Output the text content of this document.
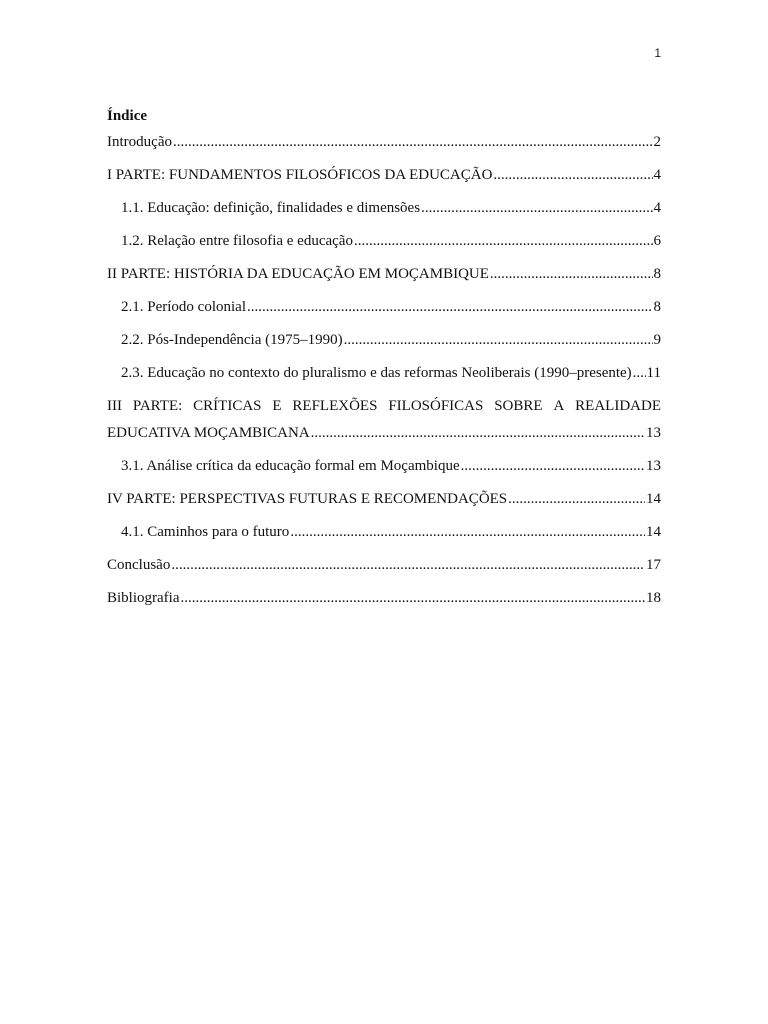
1
Índice
Introdução .....	2
I PARTE: FUNDAMENTOS FILOSÓFICOS DA EDUCAÇÃO .....	4
1.1. Educação: definição, finalidades e dimensões .....	4
1.2. Relação entre filosofia e educação .....	6
II PARTE: HISTÓRIA DA EDUCAÇÃO EM MOÇAMBIQUE .....	8
2.1. Período colonial .....	8
2.2. Pós-Independência (1975–1990) .....	9
2.3. Educação no contexto do pluralismo e das reformas Neoliberais (1990–presente) ..... 11
III PARTE: CRÍTICAS E REFLEXÕES FILOSÓFICAS SOBRE A REALIDADE
EDUCATIVA MOÇAMBICANA .....	13
3.1. Análise crítica da educação formal em Moçambique .....	13
IV PARTE: PERSPECTIVAS FUTURAS E RECOMENDAÇÕES .....	14
4.1. Caminhos para o futuro .....	14
Conclusão .....	17
Bibliografia .....	18
